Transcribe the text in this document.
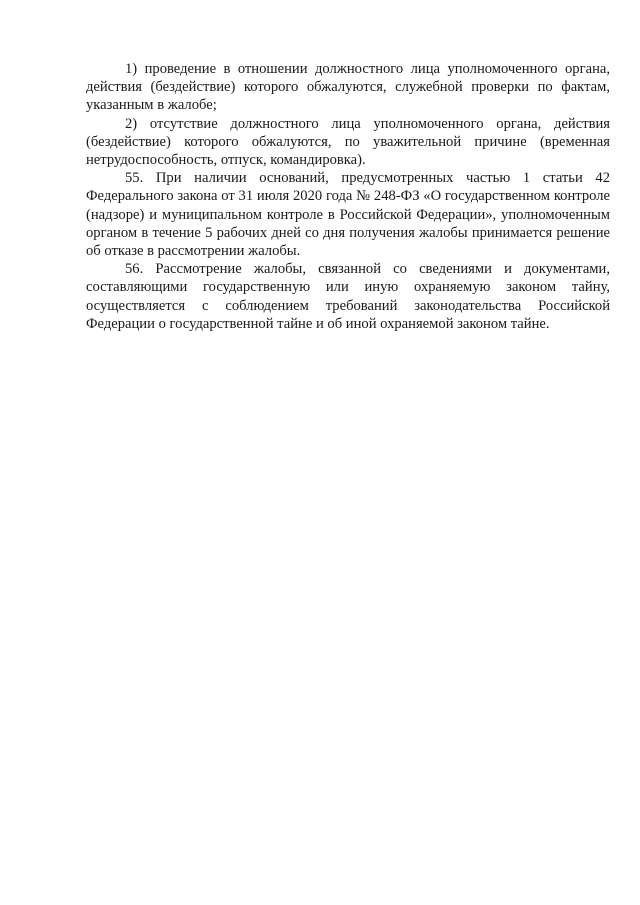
1) проведение в отношении должностного лица уполномоченного органа, действия (бездействие) которого обжалуются, служебной проверки по фактам, указанным в жалобе;

2) отсутствие должностного лица уполномоченного органа, действия (бездействие) которого обжалуются, по уважительной причине (временная нетрудоспособность, отпуск, командировка).

55. При наличии оснований, предусмотренных частью 1 статьи 42 Федерального закона от 31 июля 2020 года № 248-ФЗ «О государственном контроле (надзоре) и муниципальном контроле в Российской Федерации», уполномоченным органом в течение 5 рабочих дней со дня получения жалобы принимается решение об отказе в рассмотрении жалобы.

56. Рассмотрение жалобы, связанной со сведениями и документами, составляющими государственную или иную охраняемую законом тайну, осуществляется с соблюдением требований законодательства Российской Федерации о государственной тайне и об иной охраняемой законом тайне.
